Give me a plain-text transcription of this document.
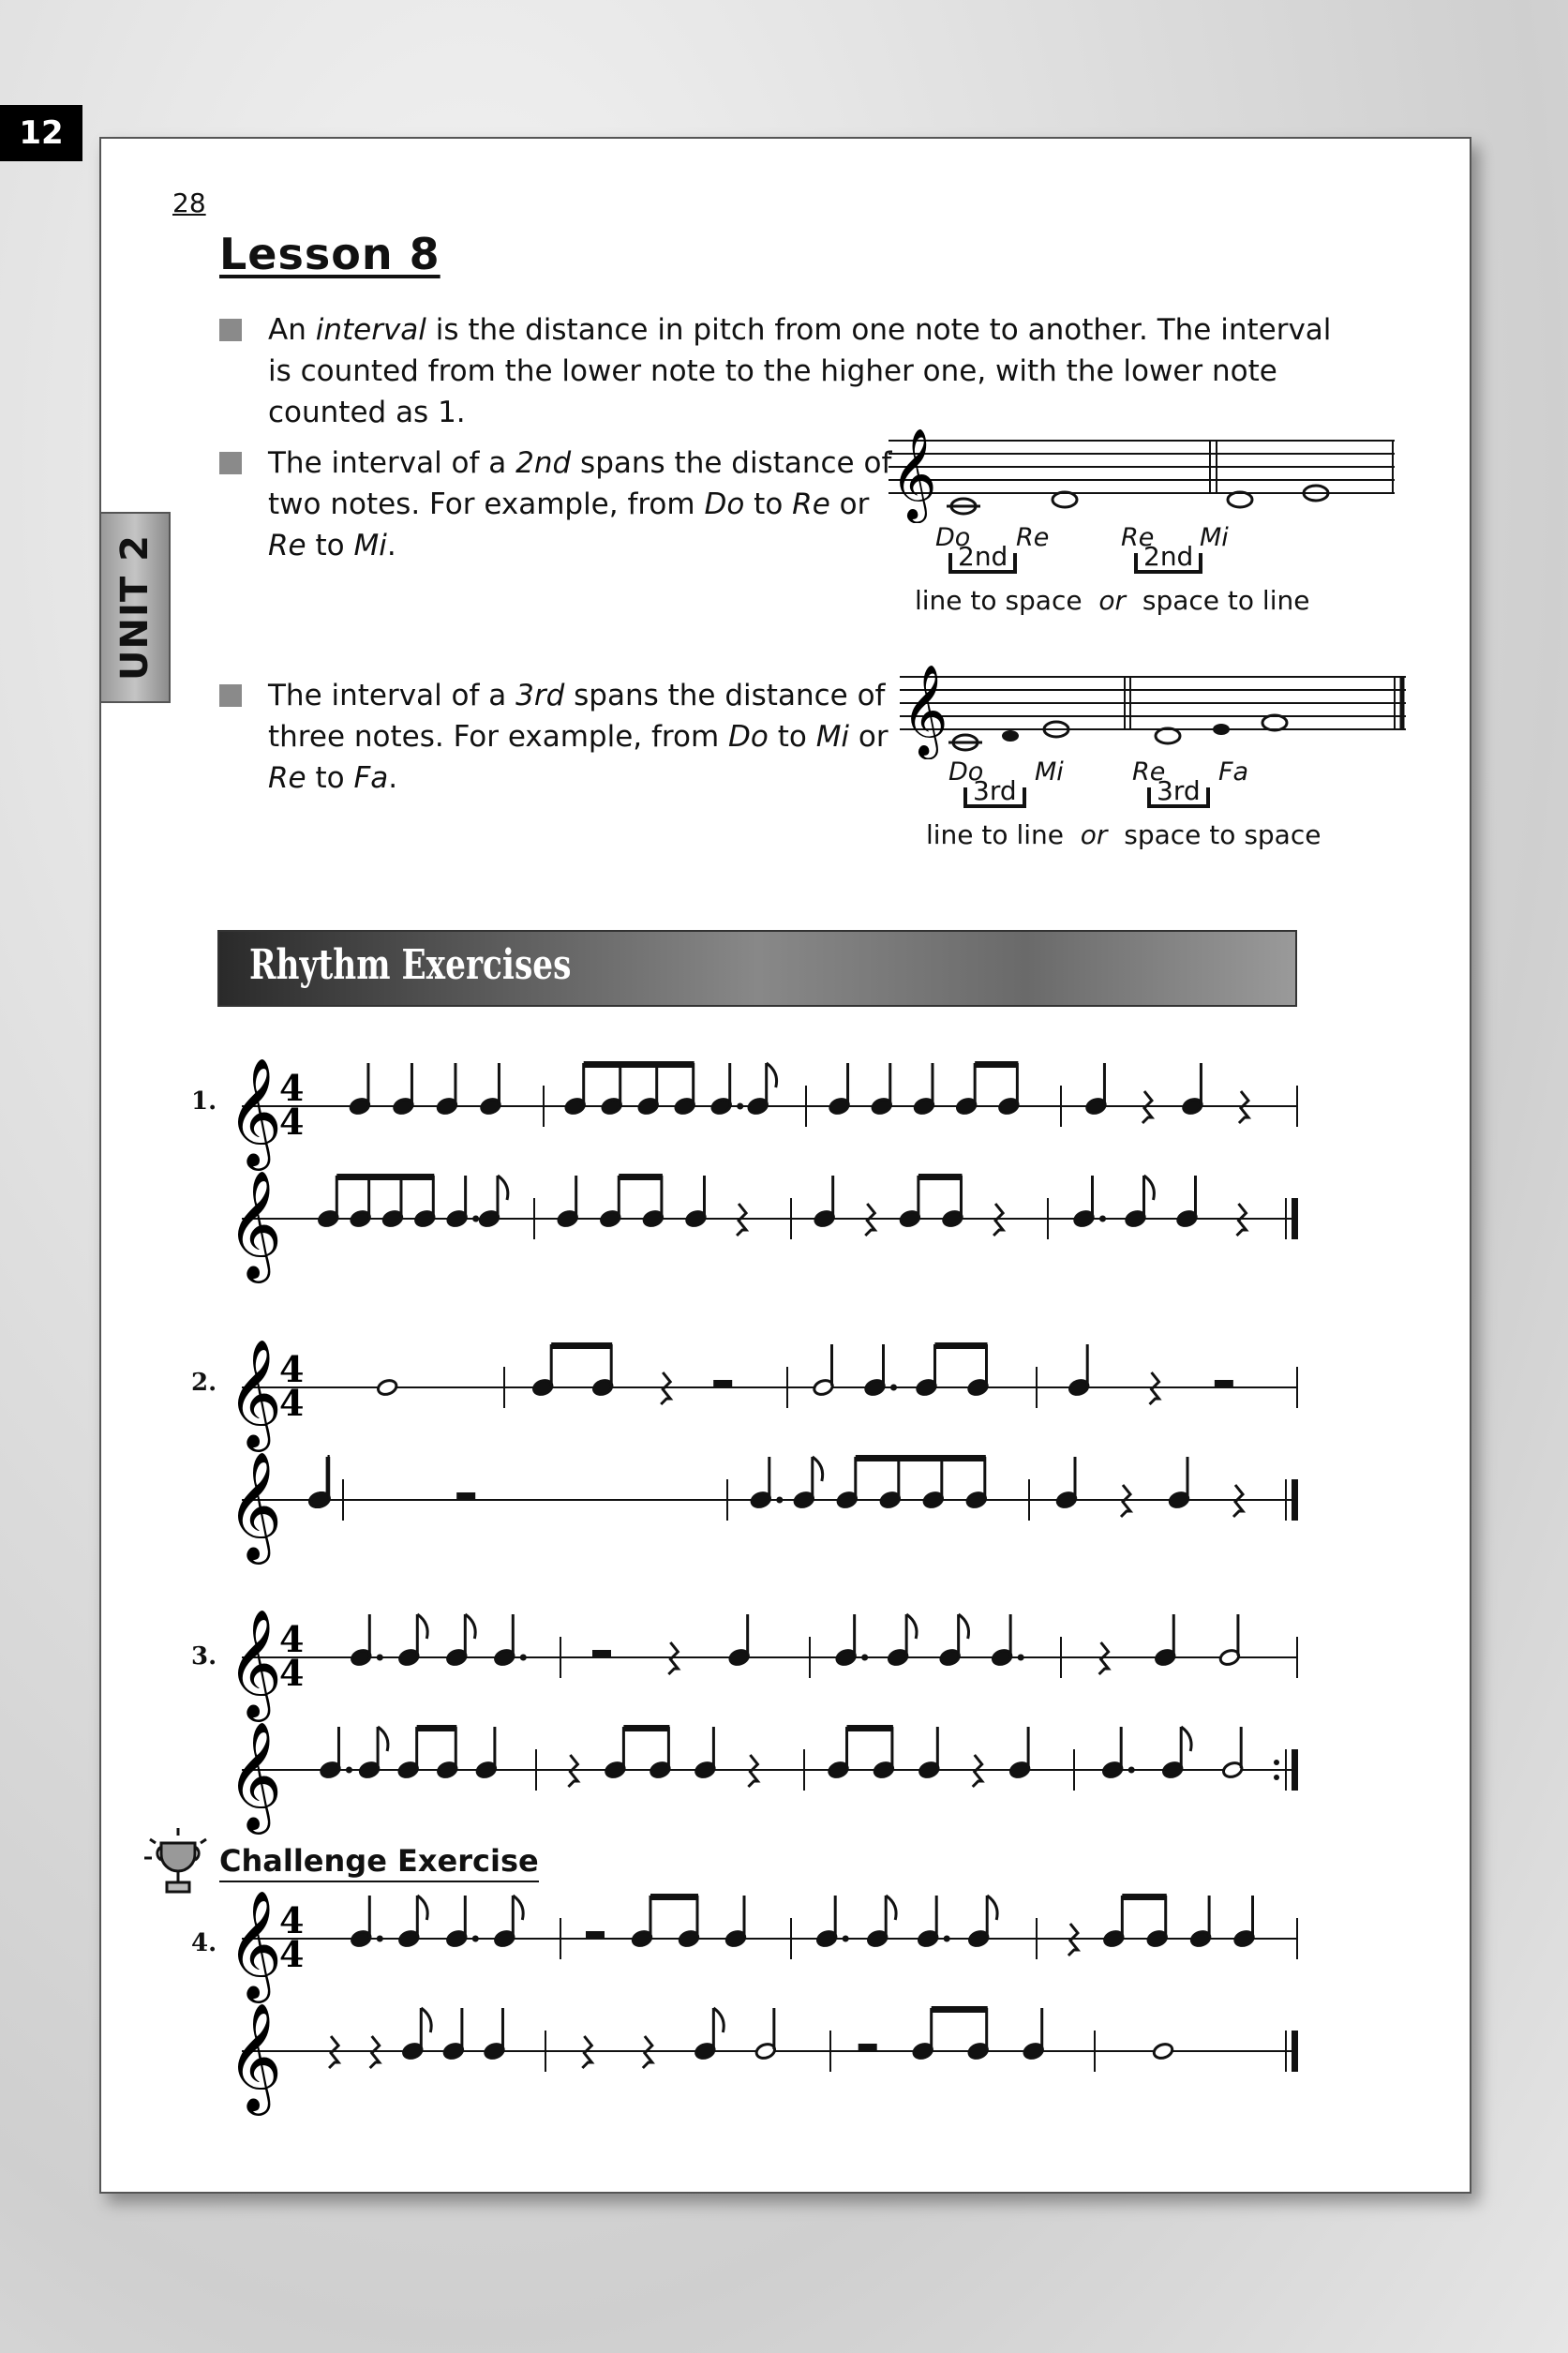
12
28
Lesson 8
UNIT 2
An interval is the distance in pitch from one note to another. The interval
is counted from the lower note to the higher one, with the lower note
counted as 1.
The interval of a 2nd spans the distance of
two notes. For example, from Do to Re or
Re to Mi.
𝄞
Do Re	Re Mi
2nd	2nd
line to space or space to line
The interval of a 3rd spans the distance of
three notes. For example, from Do to Mi or
Re to Fa.
𝄞
Do Mi	Re Fa
3rd	3rd
line to line or space to space
Rhythm Exercises
1.
2.
3.
4.
Challenge Exercise
𝄞
4
4
𝄞
𝄞
4
4
𝄞
𝄞
4
4
𝄞
𝄞
4
4
𝄞
